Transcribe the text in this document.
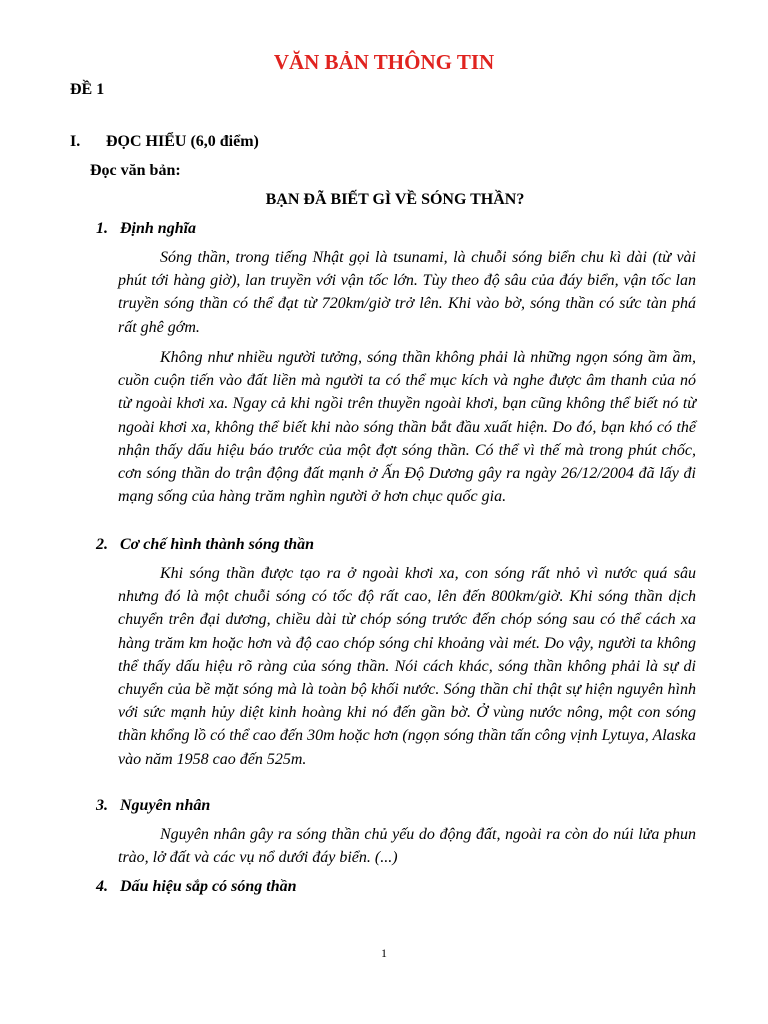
VĂN BẢN THÔNG TIN

ĐỀ 1

I. ĐỌC HIỂU (6,0 điểm)

Đọc văn bản:

BẠN ĐÃ BIẾT GÌ VỀ SÓNG THẦN?

1. Định nghĩa

Sóng thần, trong tiếng Nhật gọi là tsunami, là chuỗi sóng biển chu kì dài (từ vài phút tới hàng giờ), lan truyền với vận tốc lớn. Tùy theo độ sâu của đáy biển, vận tốc lan truyền sóng thần có thể đạt từ 720km/giờ trở lên. Khi vào bờ, sóng thần có sức tàn phá rất ghê gớm.

Không như nhiều người tưởng, sóng thần không phải là những ngọn sóng ầm ầm, cuồn cuộn tiến vào đất liền mà người ta có thể mục kích và nghe được âm thanh của nó từ ngoài khơi xa. Ngay cả khi ngồi trên thuyền ngoài khơi, bạn cũng không thể biết nó từ ngoài khơi xa, không thể biết khi nào sóng thần bắt đầu xuất hiện. Do đó, bạn khó có thể nhận thấy dấu hiệu báo trước của một đợt sóng thần. Có thể vì thế mà trong phút chốc, cơn sóng thần do trận động đất mạnh ở Ấn Độ Dương gây ra ngày 26/12/2004 đã lấy đi mạng sống của hàng trăm nghìn người ở hơn chục quốc gia.

2. Cơ chế hình thành sóng thần

Khi sóng thần được tạo ra ở ngoài khơi xa, con sóng rất nhỏ vì nước quá sâu nhưng đó là một chuỗi sóng có tốc độ rất cao, lên đến 800km/giờ. Khi sóng thần dịch chuyển trên đại dương, chiều dài từ chóp sóng trước đến chóp sóng sau có thể cách xa hàng trăm km hoặc hơn và độ cao chóp sóng chỉ khoảng vài mét. Do vậy, người ta không thể thấy dấu hiệu rõ ràng của sóng thần. Nói cách khác, sóng thần không phải là sự di chuyển của bề mặt sóng mà là toàn bộ khối nước. Sóng thần chỉ thật sự hiện nguyên hình với sức mạnh hủy diệt kinh hoàng khi nó đến gần bờ. Ở vùng nước nông, một con sóng thần khổng lồ có thể cao đến 30m hoặc hơn (ngọn sóng thần tấn công vịnh Lytuya, Alaska vào năm 1958 cao đến 525m.

3. Nguyên nhân

Nguyên nhân gây ra sóng thần chủ yếu do động đất, ngoài ra còn do núi lửa phun trào, lở đất và các vụ nổ dưới đáy biển. (...)

4. Dấu hiệu sắp có sóng thần

1
